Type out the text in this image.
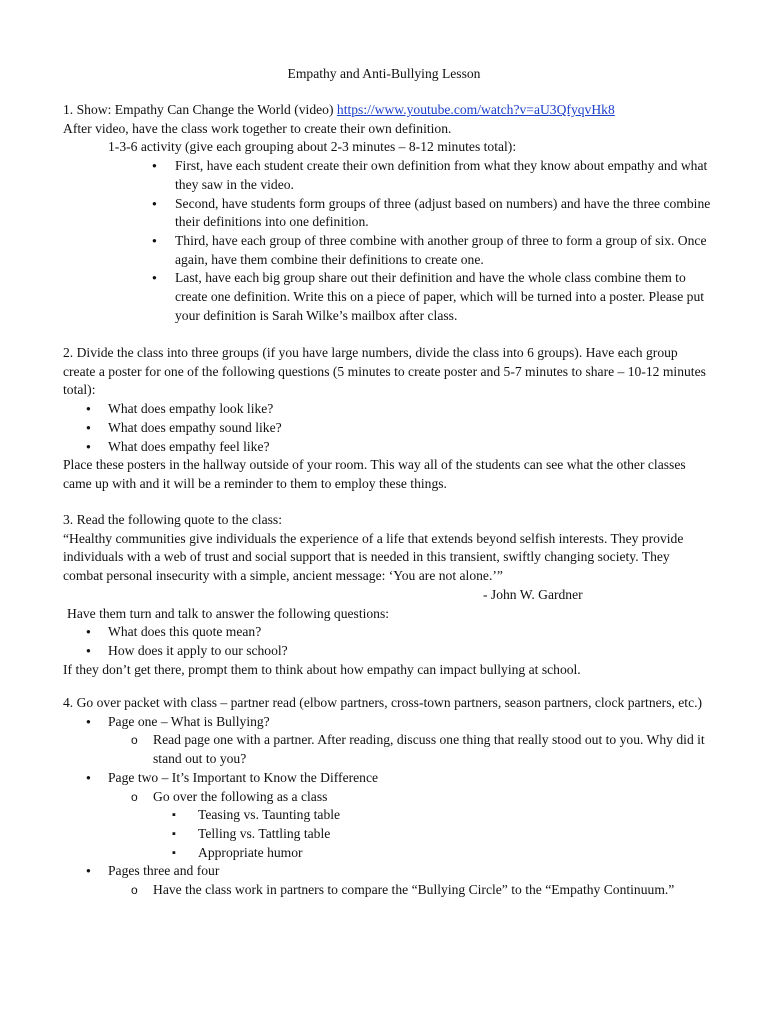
Empathy and Anti-Bullying Lesson

1. Show: Empathy Can Change the World (video) https://www.youtube.com/watch?v=aU3QfyqvHk8

After video, have the class work together to create their own definition.

1-3-6 activity (give each grouping about 2-3 minutes – 8-12 minutes total):

● First, have each student create their own definition from what they know about empathy and what they saw in the video.
● Second, have students form groups of three (adjust based on numbers) and have the three combine their definitions into one definition.
● Third, have each group of three combine with another group of three to form a group of six. Once again, have them combine their definitions to create one.
● Last, have each big group share out their definition and have the whole class combine them to create one definition. Write this on a piece of paper, which will be turned into a poster. Please put your definition is Sarah Wilke’s mailbox after class.

2. Divide the class into three groups (if you have large numbers, divide the class into 6 groups). Have each group create a poster for one of the following questions (5 minutes to create poster and 5-7 minutes to share – 10-12 minutes total):

● What does empathy look like?
● What does empathy sound like?
● What does empathy feel like?

Place these posters in the hallway outside of your room. This way all of the students can see what the other classes came up with and it will be a reminder to them to employ these things.

3. Read the following quote to the class:

“Healthy communities give individuals the experience of a life that extends beyond selfish interests. They provide individuals with a web of trust and social support that is needed in this transient, swiftly changing society. They combat personal insecurity with a simple, ancient message: ‘You are not alone.’”

- John W. Gardner

Have them turn and talk to answer the following questions:

● What does this quote mean?
● How does it apply to our school?

If they don’t get there, prompt them to think about how empathy can impact bullying at school.

4. Go over packet with class – partner read (elbow partners, cross-town partners, season partners, clock partners, etc.)

● Page one – What is Bullying?
o Read page one with a partner. After reading, discuss one thing that really stood out to you. Why did it stand out to you?
● Page two – It’s Important to Know the Difference
o Go over the following as a class
▪ Teasing vs. Taunting table
▪ Telling vs. Tattling table
▪ Appropriate humor
● Pages three and four
o Have the class work in partners to compare the “Bullying Circle” to the “Empathy Continuum.”
